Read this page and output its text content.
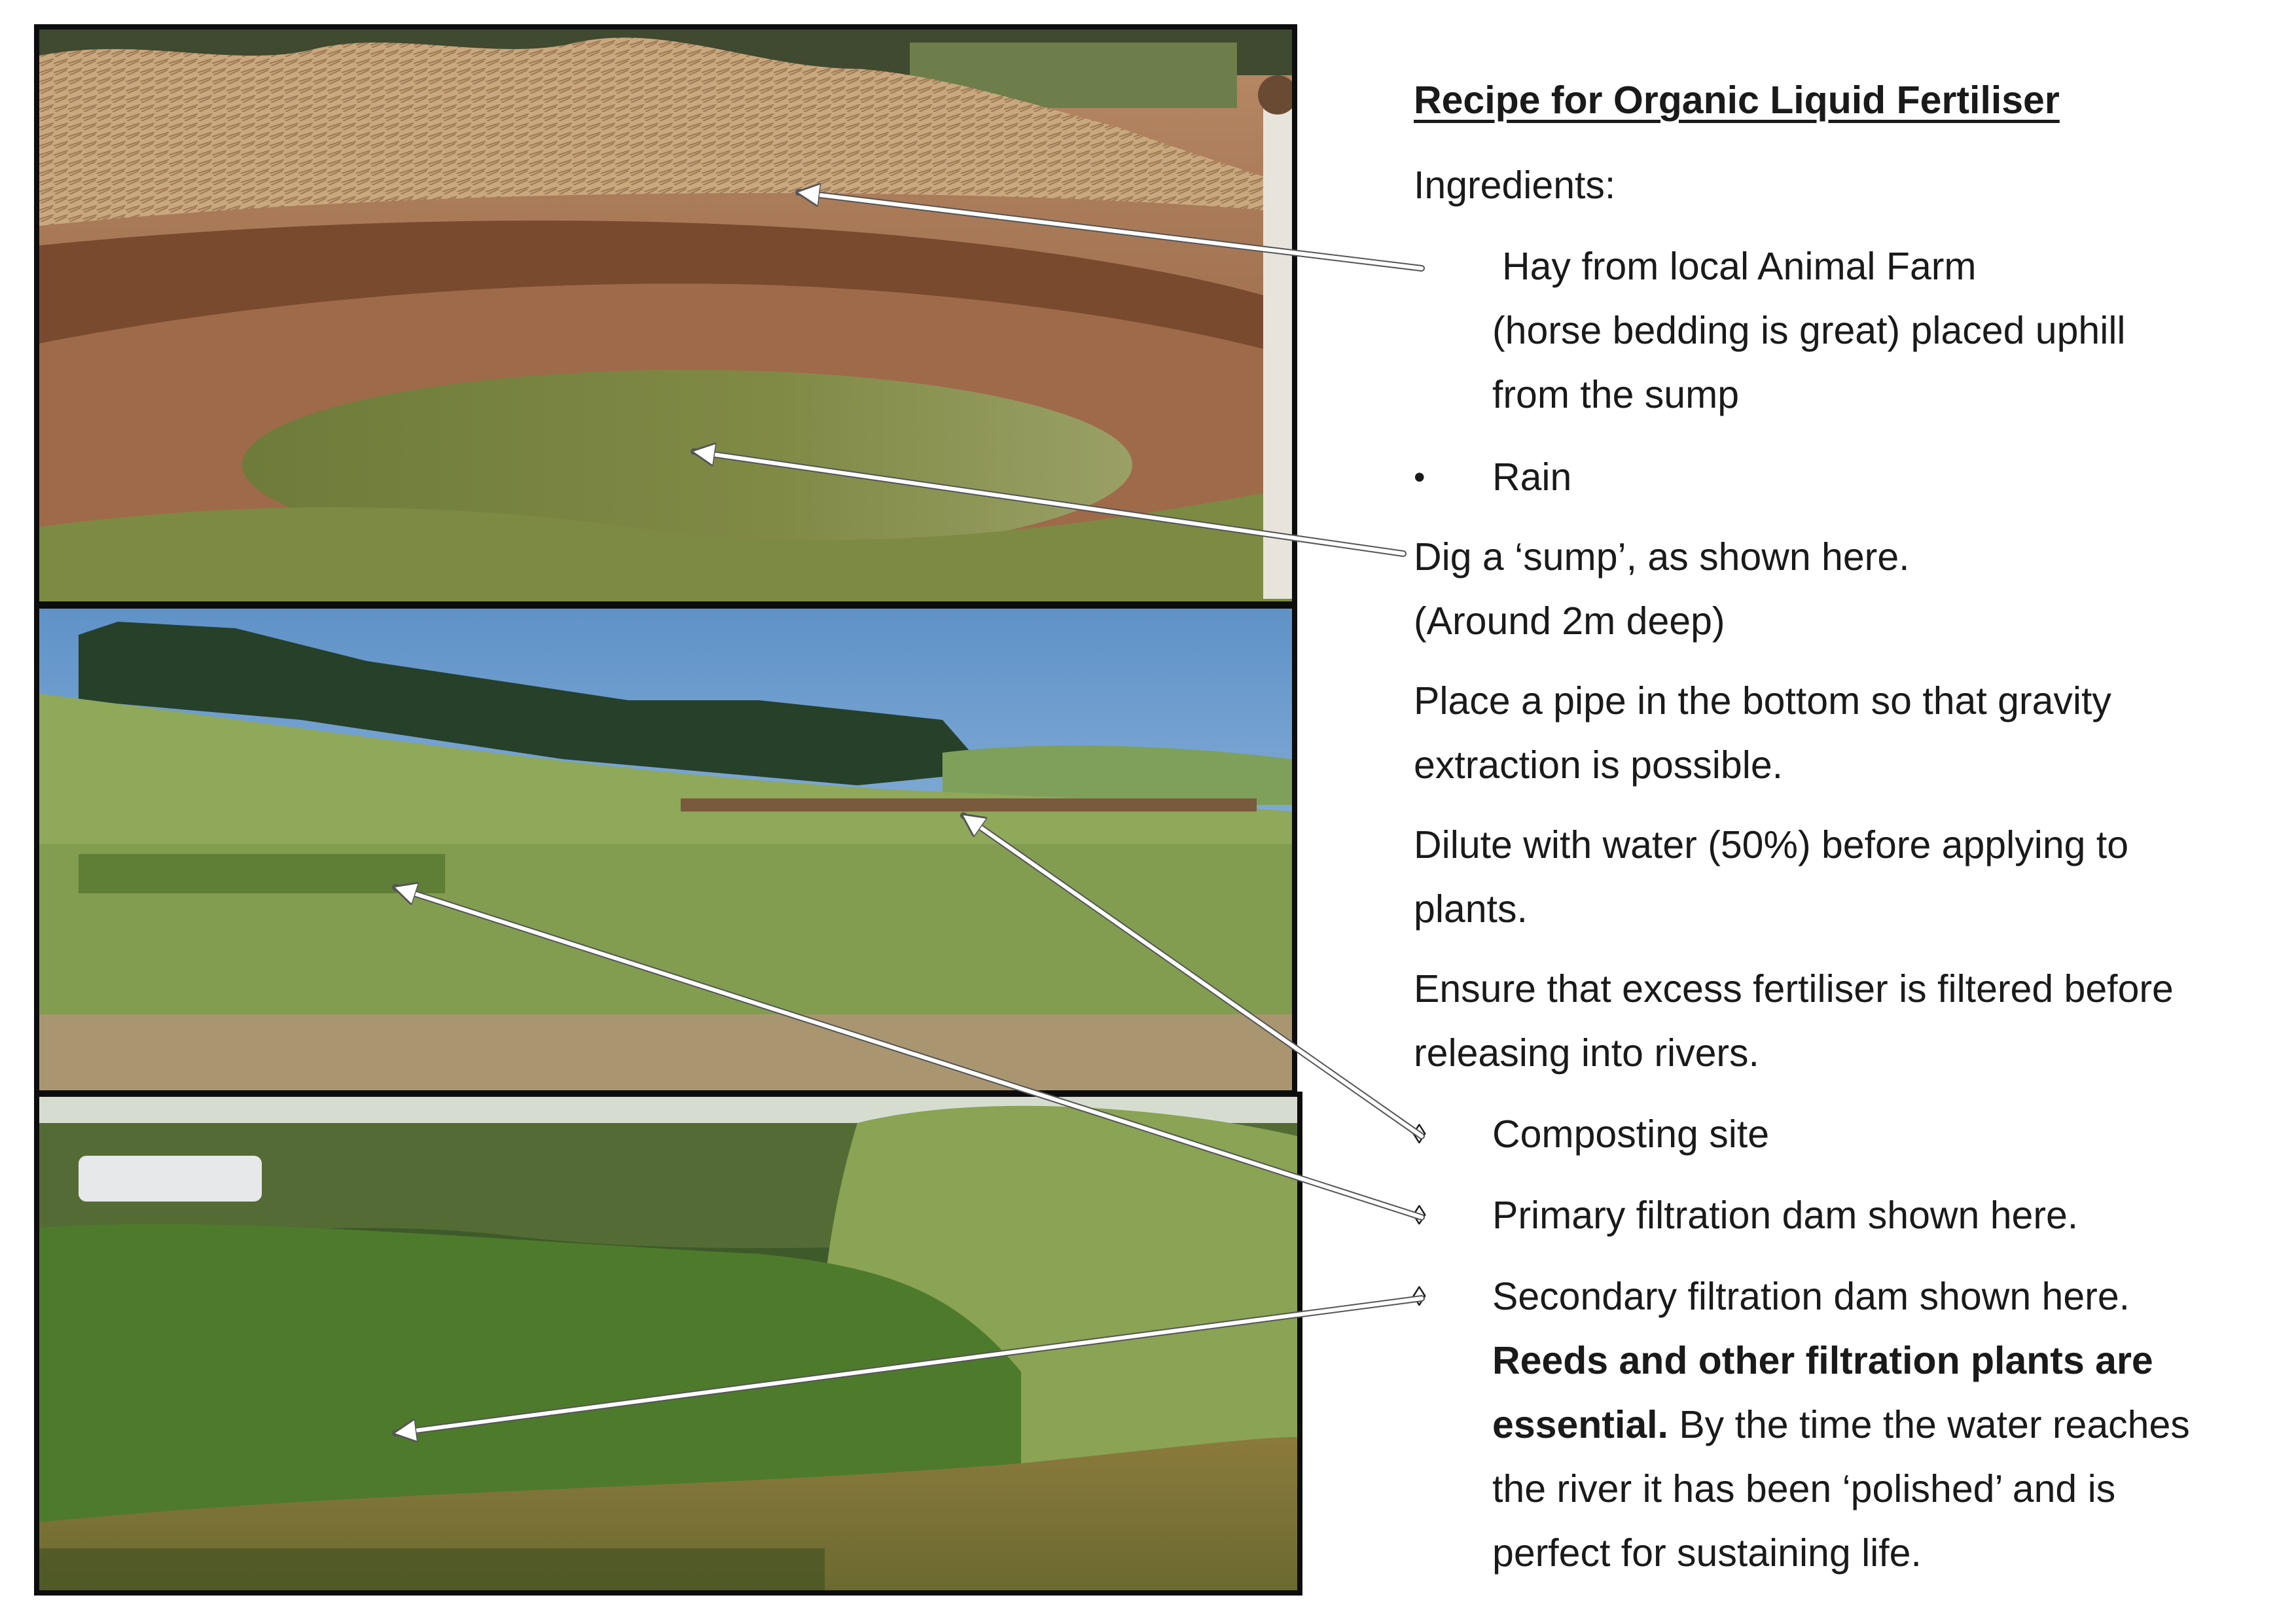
Recipe for Organic Liquid Fertiliser
Ingredients:
- Hay from local Animal Farm
(horse bedding is great) placed uphill
from the sump
• Rain
Dig a ‘sump’, as shown here.
(Around 2m deep)
Place a pipe in the bottom so that gravity
extraction is possible.
Dilute with water (50%) before applying to
plants.
Ensure that excess fertiliser is filtered before
releasing into rivers.
◊ Composting site
◊ Primary filtration dam shown here.
◊ Secondary filtration dam shown here.
Reeds and other filtration plants are
essential. By the time the water reaches
the river it has been ‘polished’ and is
perfect for sustaining life.
